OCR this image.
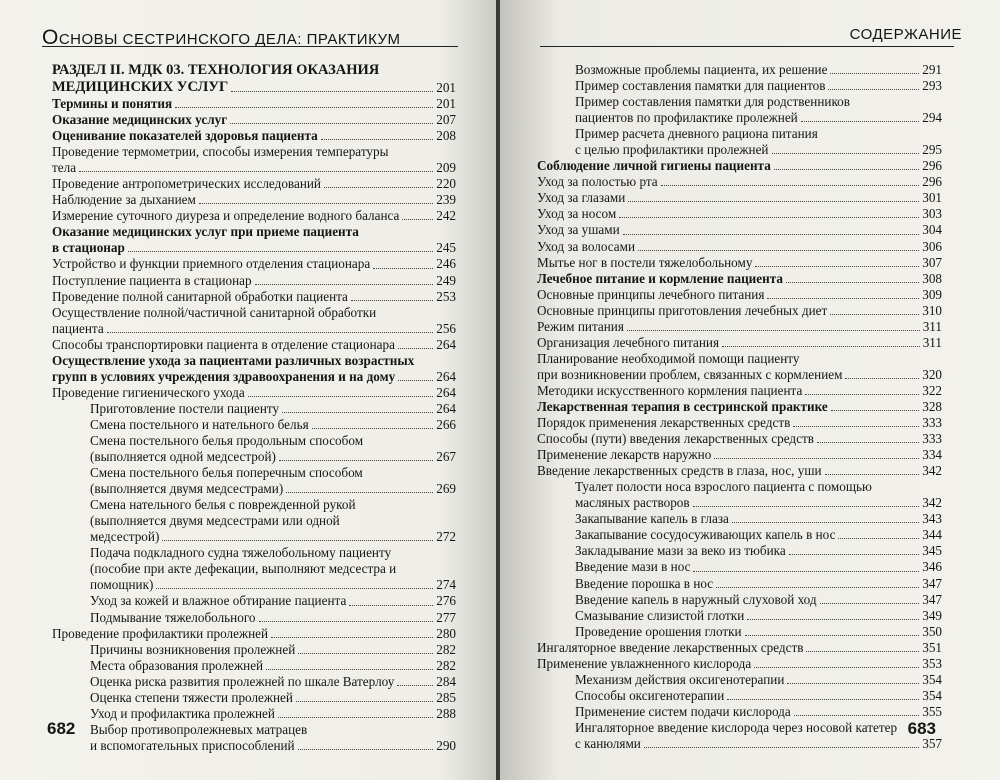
ОСНОВЫ СЕСТРИНСКОГО ДЕЛА: ПРАКТИКУМ
РАЗДЕЛ II. МДК 03. ТЕХНОЛОГИЯ ОКАЗАНИЯ
МЕДИЦИНСКИХ УСЛУГ	201
Термины и понятия	201
Оказание медицинских услуг	207
Оценивание показателей здоровья пациента	208
Проведение термометрии, способы измерения температуры
тела	209
Проведение антропометрических исследований	220
Наблюдение за дыханием	239
Измерение суточного диуреза и определение водного баланса	242
Оказание медицинских услуг при приеме пациента
в стационар	245
Устройство и функции приемного отделения стационара	246
Поступление пациента в стационар	249
Проведение полной санитарной обработки пациента	253
Осуществление полной/частичной санитарной обработки
пациента	256
Способы транспортировки пациента в отделение стационара	264
Осуществление ухода за пациентами различных возрастных
групп в условиях учреждения здравоохранения и на дому	264
Проведение гигиенического ухода	264
Приготовление постели пациенту	264
Смена постельного и нательного белья	266
Смена постельного белья продольным способом
(выполняется одной медсестрой)	267
Смена постельного белья поперечным способом
(выполняется двумя медсестрами)	269
Смена нательного белья с поврежденной рукой
(выполняется двумя медсестрами или одной
медсестрой)	272
Подача подкладного судна тяжелобольному пациенту
(пособие при акте дефекации, выполняют медсестра и
помощник)	274
Уход за кожей и влажное обтирание пациента	276
Подмывание тяжелобольного	277
Проведение профилактики пролежней	280
Причины возникновения пролежней	282
Места образования пролежней	282
Оценка риска развития пролежней по шкале Ватерлоу	284
Оценка степени тяжести пролежней	285
Уход и профилактика пролежней	288
Выбор противопролежневых матрацев
и вспомогательных приспособлений	290
682
СОДЕРЖАНИЕ
Возможные проблемы пациента, их решение	291
Пример составления памятки для пациентов	293
Пример составления памятки для родственников
пациентов по профилактике пролежней	294
Пример расчета дневного рациона питания
с целью профилактики пролежней	295
Соблюдение личной гигиены пациента	296
Уход за полостью рта	296
Уход за глазами	301
Уход за носом	303
Уход за ушами	304
Уход за волосами	306
Мытье ног в постели тяжелобольному	307
Лечебное питание и кормление пациента	308
Основные принципы лечебного питания	309
Основные принципы приготовления лечебных диет	310
Режим питания	311
Организация лечебного питания	311
Планирование необходимой помощи пациенту
при возникновении проблем, связанных с кормлением	320
Методики искусственного кормления пациента	322
Лекарственная терапия в сестринской практике	328
Порядок применения лекарственных средств	333
Способы (пути) введения лекарственных средств	333
Применение лекарств наружно	334
Введение лекарственных средств в глаза, нос, уши	342
Туалет полости носа взрослого пациента с помощью
масляных растворов	342
Закапывание капель в глаза	343
Закапывание сосудосуживающих капель в нос	344
Закладывание мази за веко из тюбика	345
Введение мази в нос	346
Введение порошка в нос	347
Введение капель в наружный слуховой ход	347
Смазывание слизистой глотки	349
Проведение орошения глотки	350
Ингаляторное введение лекарственных средств	351
Применение увлажненного кислорода	353
Механизм действия оксигенотерапии	354
Способы оксигенотерапии	354
Применение систем подачи кислорода	355
Ингаляторное введение кислорода через носовой катетер
с канюлями	357
683
